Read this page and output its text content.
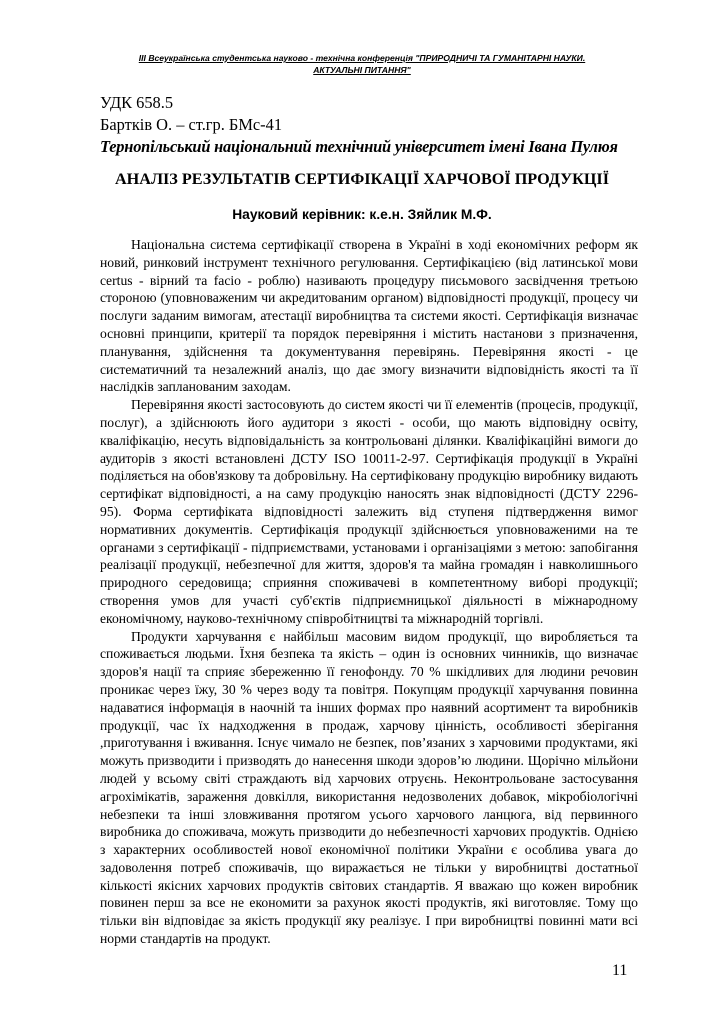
ІІІ Всеукраїнська студентська науково - технічна конференція "ПРИРОДНИЧІ ТА ГУМАНІТАРНІ НАУКИ.
АКТУАЛЬНІ ПИТАННЯ"
УДК 658.5
Бартків О. – ст.гр. БМс-41
Тернопільський національний технічний університет імені Івана Пулюя
АНАЛІЗ РЕЗУЛЬТАТІВ СЕРТИФІКАЦІЇ ХАРЧОВОЇ ПРОДУКЦІЇ
Науковий керівник: к.е.н. Зяйлик М.Ф.

Національна система сертифікації створена в Україні в ході економічних реформ як новий, ринковий інструмент технічного регулювання. Сертифікацією (від латинської мови certus - вірний та facio - роблю) називають процедуру письмового засвідчення третьою стороною (уповноваженим чи акредитованим органом) відповідності продукції, процесу чи послуги заданим вимогам, атестації виробництва та системи якості. Сертифікація визначає основні принципи, критерії та порядок перевіряння і містить настанови з призначення, планування, здійснення та документування перевірянь. Перевіряння якості - це систематичний та незалежний аналіз, що дає змогу визначити відповідність якості та її наслідків запланованим заходам.

Перевіряння якості застосовують до систем якості чи її елементів (процесів, продукції, послуг), а здійснюють його аудитори з якості - особи, що мають відповідну освіту, кваліфікацію, несуть відповідальність за контрольовані ділянки. Кваліфікаційні вимоги до аудиторів з якості встановлені ДСТУ ISO 10011-2-97. Сертифікація продукції в Україні поділяється на обов'язкову та добровільну. На сертифіковану продукцію виробнику видають сертифікат відповідності, а на саму продукцію наносять знак відповідності (ДСТУ 2296-95). Форма сертифіката відповідності залежить від ступеня підтвердження вимог нормативних документів. Сертифікація продукції здійснюється уповноваженими на те органами з сертифікації - підприємствами, установами і організаціями з метою: запобігання реалізації продукції, небезпечної для життя, здоров'я та майна громадян і навколишнього природного середовища; сприяння споживачеві в компетентному виборі продукції; створення умов для участі суб'єктів підприємницької діяльності в міжнародному економічному, науково-технічному співробітництві та міжнародній торгівлі.

Продукти харчування є найбільш масовим видом продукції, що виробляється та споживається людьми. Їхня безпека та якість – один із основних чинників, що визначає здоров'я нації та сприяє збереженню її генофонду. 70 % шкідливих для людини речовин проникає через їжу, 30 % через воду та повітря. Покупцям продукції харчування повинна надаватися інформація в наочній та інших формах про наявний асортимент та виробників продукції, час їх надходження в продаж, харчову цінність, особливості зберігання ,приготування і вживання. Існує чимало не безпек, пов’язаних з харчовими продуктами, які можуть призводити і призводять до нанесення шкоди здоров’ю людини. Щорічно мільйони людей у всьому світі страждають від харчових отруєнь. Неконтрольоване застосування агрохімікатів, зараження довкілля, використання недозволених добавок, мікробіологічні небезпеки та інші зловживання протягом усього харчового ланцюга, від первинного виробника до споживача, можуть призводити до небезпечності харчових продуктів. Однією з характерних особливостей нової економічної політики України є особлива увага до задоволення потреб споживачів, що виражається не тільки у виробництві достатньої кількості якісних харчових продуктів світових стандартів. Я вважаю що кожен виробник повинен перш за все не економити за рахунок якості продуктів, які виготовляє. Тому що тільки він відповідає за якість продукції яку реалізує. І при виробництві повинні мати всі норми стандартів на продукт.

11
